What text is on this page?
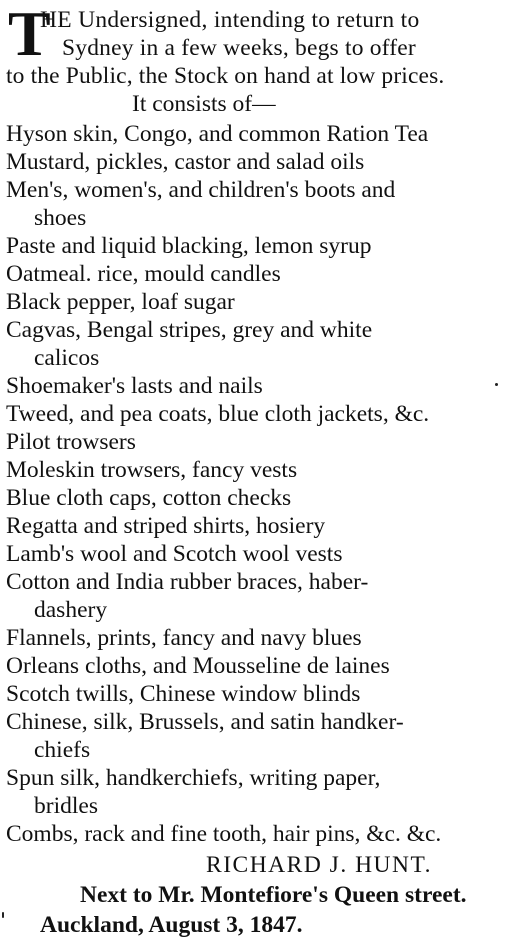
T
HE Undersigned, intending to return to
Sydney in a few weeks, begs to offer
to the Public, the Stock on hand at low prices.
It consists of—
Hyson skin, Congo, and common Ration Tea
Mustard, pickles, castor and salad oils
Men's, women's, and children's boots and
shoes
Paste and liquid blacking, lemon syrup
Oatmeal. rice, mould candles
Black pepper, loaf sugar
Cagvas, Bengal stripes, grey and white
calicos
Shoemaker's lasts and nails
Tweed, and pea coats, blue cloth jackets, &c.
Pilot trowsers
Moleskin trowsers, fancy vests
Blue cloth caps, cotton checks
Regatta and striped shirts, hosiery
Lamb's wool and Scotch wool vests
Cotton and India rubber braces, haber-
dashery
Flannels, prints, fancy and navy blues
Orleans cloths, and Mousseline de laines
Scotch twills, Chinese window blinds
Chinese, silk, Brussels, and satin handker-
chiefs
Spun silk, handkerchiefs, writing paper,
bridles
Combs, rack and fine tooth, hair pins, &c. &c.
RICHARD J. HUNT.
Next to Mr. Montefiore's Queen street.
Auckland, August 3, 1847.
